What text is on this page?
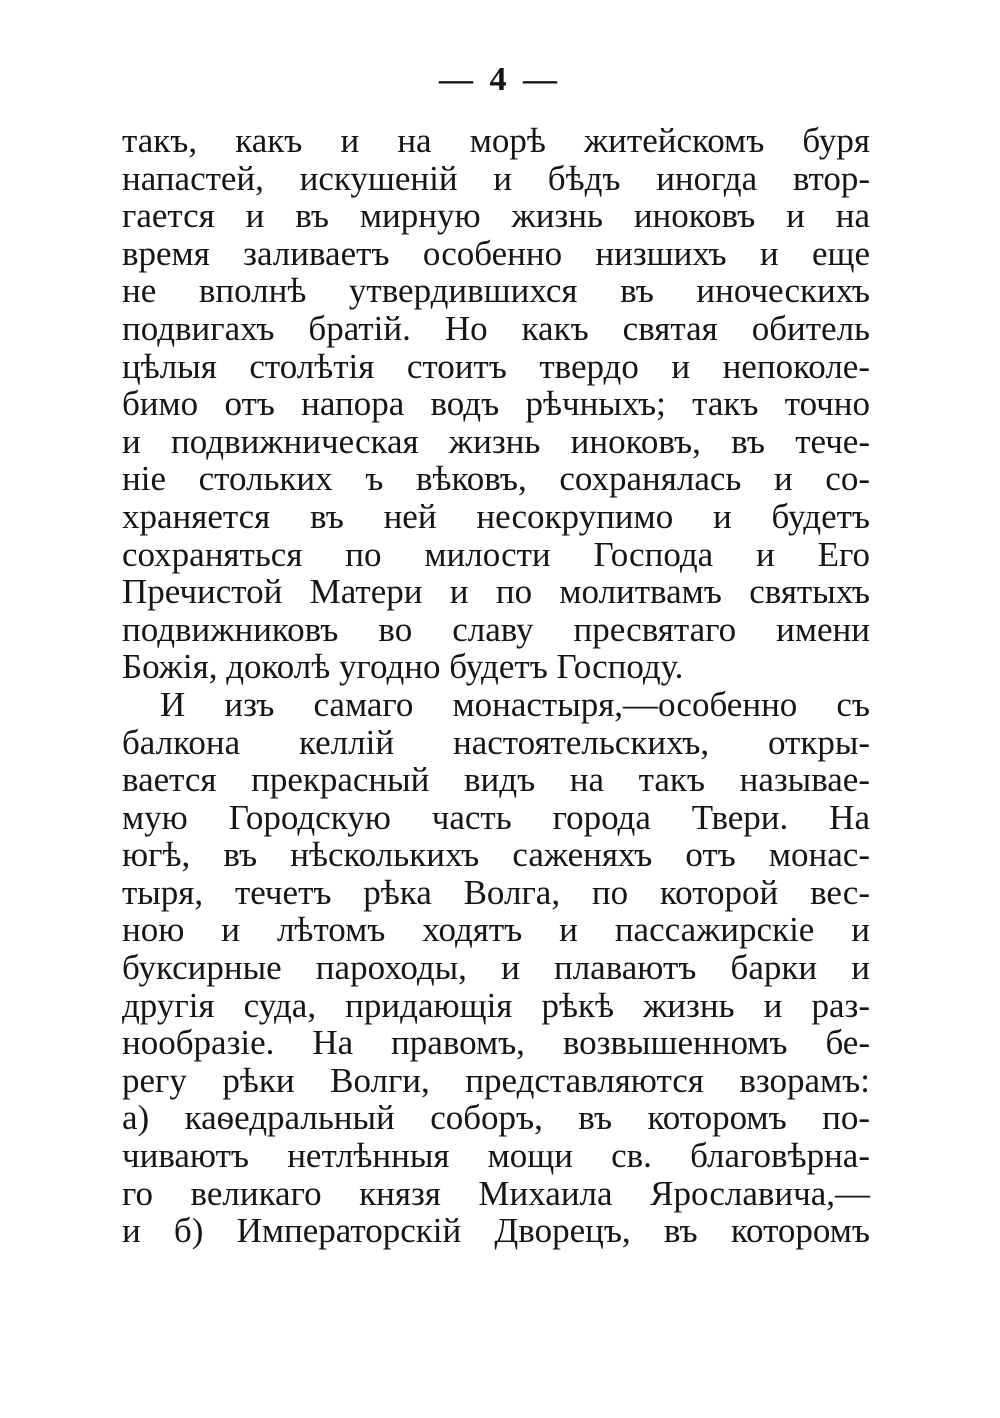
— 4 —
такъ, какъ и на морѣ житейскомъ буря
напастей, искушеній и бѣдъ иногда втор-
гается и въ мирную жизнь иноковъ и на
время заливаетъ особенно низшихъ и еще
не вполнѣ утвердившихся въ иноческихъ
подвигахъ братій. Но какъ святая обитель
цѣлыя столѣтія стоитъ твердо и непоколе-
бимо отъ напора водъ рѣчныхъ; такъ точно
и подвижническая жизнь иноковъ, въ тече-
ніе стольких ъ вѣковъ, сохранялась и со-
храняется въ ней несокрупимо и будетъ
сохраняться по милости Господа и Его
Пречистой Матери и по молитвамъ святыхъ
подвижниковъ во славу пресвятаго имени
Божія, доколѣ угодно будетъ Господу.
И изъ самаго монастыря,—особенно съ
балкона келлій настоятельскихъ, откры-
вается прекрасный видъ на такъ называе-
мую Городскую часть города Твери. На
югѣ, въ нѣсколькихъ саженяхъ отъ монас-
тыря, течетъ рѣка Волга, по которой вес-
ною и лѣтомъ ходятъ и пассажирскіе и
буксирные пароходы, и плаваютъ барки и
другія суда, придающія рѣкѣ жизнь и раз-
нообразіе. На правомъ, возвышенномъ бе-
регу рѣки Волги, представляются взорамъ:
а) каѳедральный соборъ, въ которомъ по-
чиваютъ нетлѣнныя мощи св. благовѣрна-
го великаго князя Михаила Ярославича,—
и б) Императорскій Дворецъ, въ которомъ
